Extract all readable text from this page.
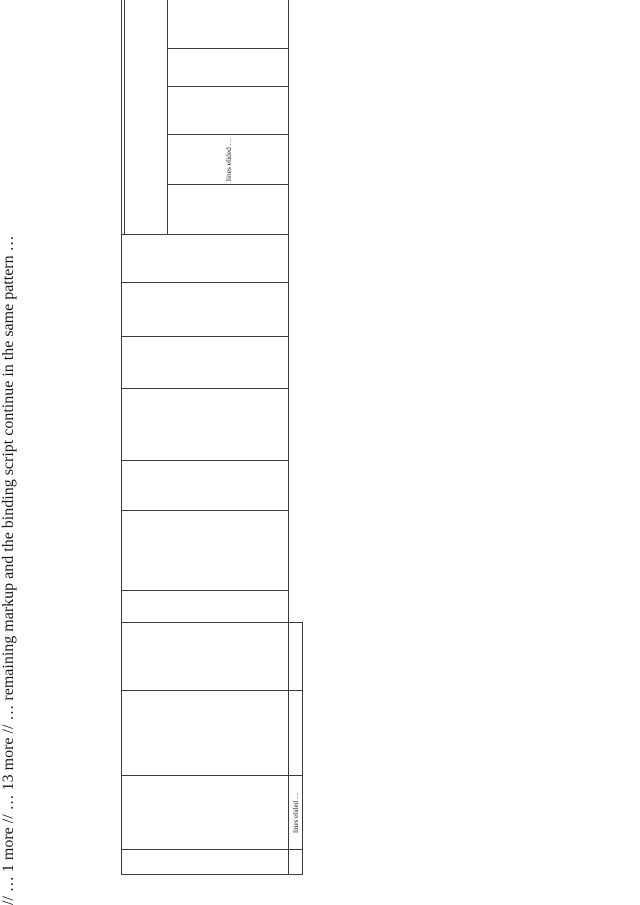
// … 1 more // … 13 more // … remaining markup and the binding script continue in the same pattern …

												lines elided …

	lines elided …														
